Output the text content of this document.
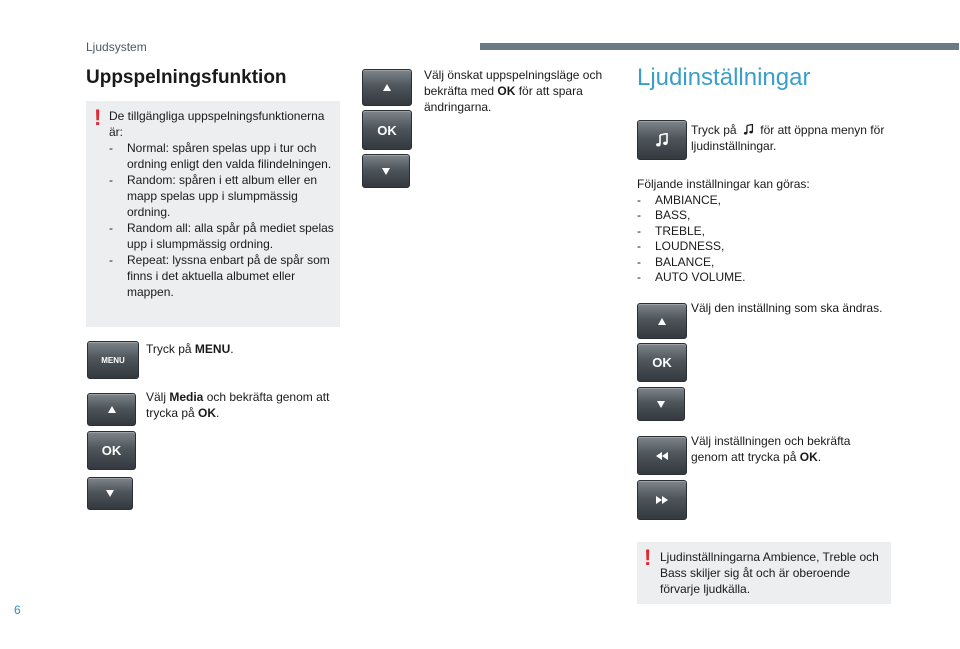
Ljudsystem
6
Uppspelningsfunktion
! De tillgängliga uppspelningsfunktionerna är:
-	Normal: spåren spelas upp i tur och ordning enligt den valda filindelningen.
-	Random: spåren i ett album eller en mapp spelas upp i slumpmässig ordning.
-	Random all: alla spår på mediet spelas upp i slumpmässig ordning.
-	Repeat: lyssna enbart på de spår som finns i det aktuella albumet eller mappen.
MENU
Tryck på MENU.
OK
Välj Media och bekräfta genom att trycka på OK.
OK
Välj önskat uppspelningsläge och bekräfta med OK för att spara ändringarna.
Ljudinställningar
Tryck på  för att öppna menyn för ljudinställningar.
Följande inställningar kan göras:
-	AMBIANCE,
-	BASS,
-	TREBLE,
-	LOUDNESS,
-	BALANCE,
-	AUTO VOLUME.
OK
Välj den inställning som ska ändras.
Välj inställningen och bekräfta genom att trycka på OK.
! Ljudinställningarna Ambience, Treble och Bass skiljer sig åt och är oberoende förvarje ljudkälla.
